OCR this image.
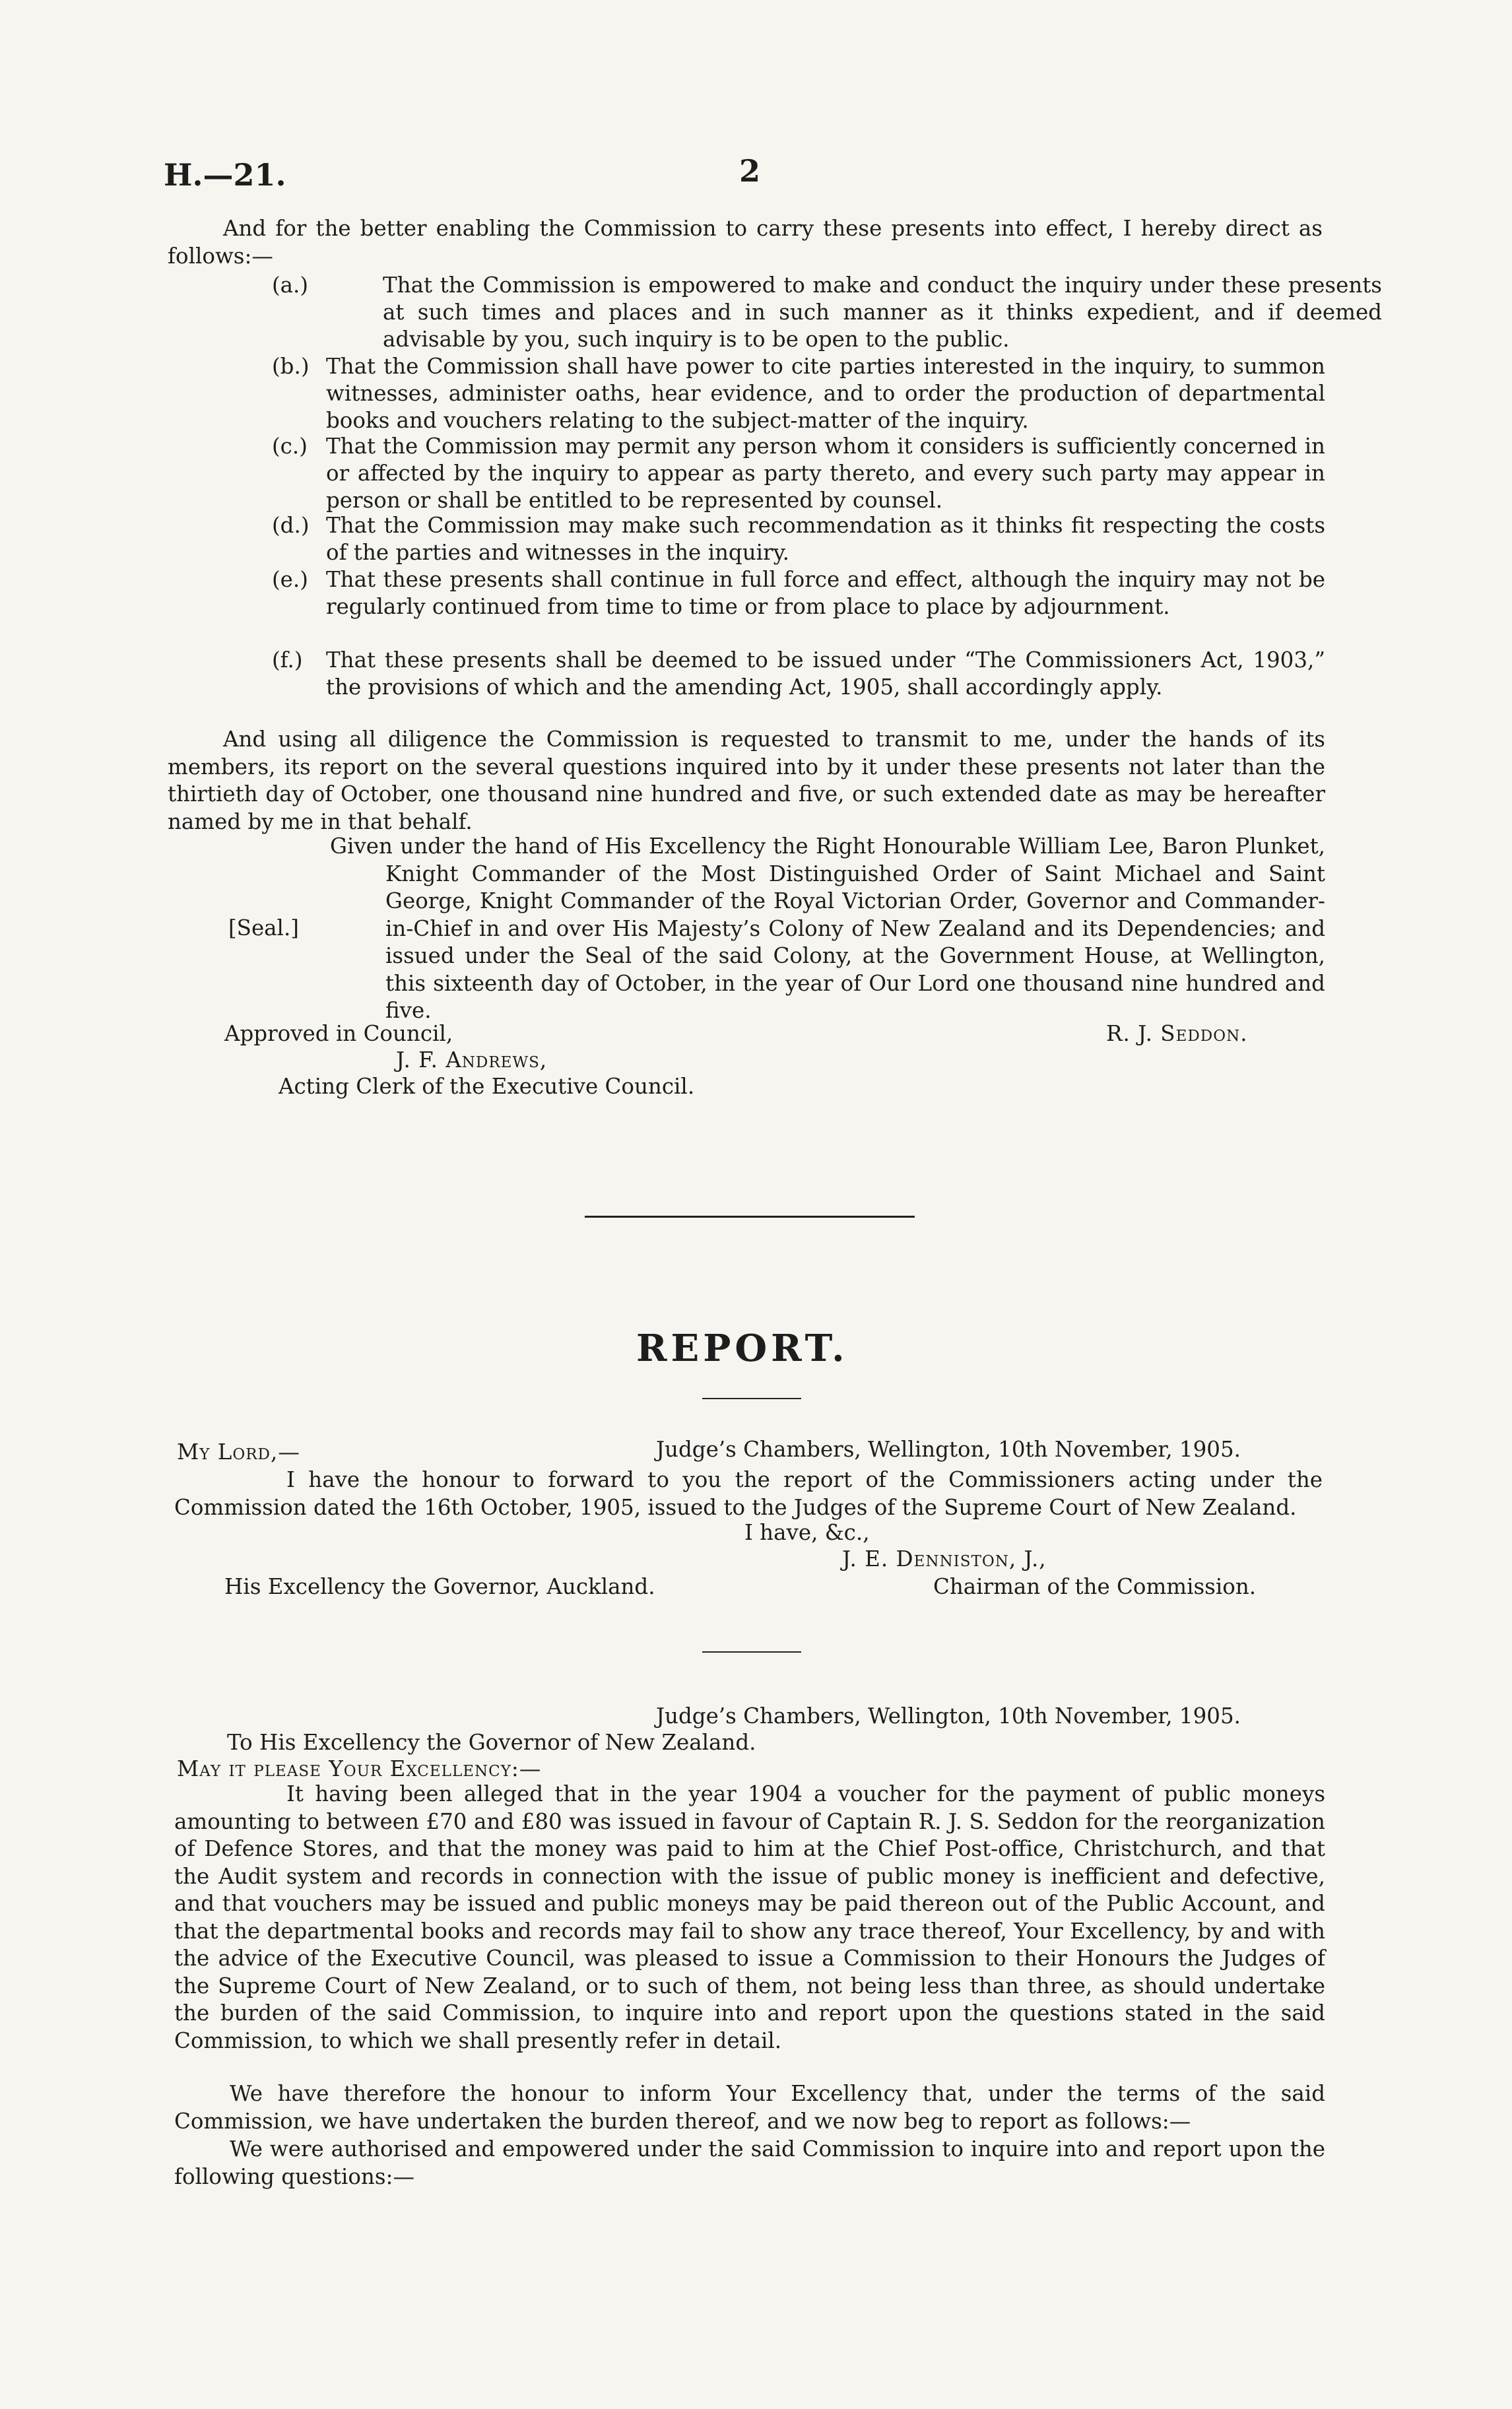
H.—21.	2
And for the better enabling the Commission to carry these presents into effect, I hereby direct as follows:—
(a.)	That the Commission is empowered to make and conduct the inquiry under these presents at such times and places and in such manner as it thinks expedient, and if deemed advisable by you, such inquiry is to be open to the public.
(b.) That the Commission shall have power to cite parties interested in the inquiry, to summon witnesses, administer oaths, hear evidence, and to order the production of departmental books and vouchers relating to the subject-matter of the inquiry.
(c.) That the Commission may permit any person whom it considers is sufficiently concerned in or affected by the inquiry to appear as party thereto, and every such party may appear in person or shall be entitled to be represented by counsel.
(d.) That the Commission may make such recommendation as it thinks fit respecting the costs of the parties and witnesses in the inquiry.
(e.) That these presents shall continue in full force and effect, although the inquiry may not be regularly continued from time to time or from place to place by adjournment.
(f.) That these presents shall be deemed to be issued under “The Commissioners Act, 1903,” the provisions of which and the amending Act, 1905, shall accordingly apply.
And using all diligence the Commission is requested to transmit to me, under the hands of its members, its report on the several questions inquired into by it under these presents not later than the thirtieth day of October, one thousand nine hundred and five, or such extended date as may be hereafter named by me in that behalf.
Given under the hand of His Excellency the Right Honourable William Lee, Baron Plunket, Knight Commander of the Most Distinguished Order of Saint Michael and Saint George, Knight Commander of the Royal Victorian Order, Governor and Commander-in-Chief in and over His Majesty’s Colony of New Zealand and its Dependencies; and issued under the Seal of the said Colony, at the Government House, at Wellington, this sixteenth day of October, in the year of Our Lord one thousand nine hundred and five.
[Seal.]
Approved in Council,	R. J. Seddon.
J. F. Andrews,
Acting Clerk of the Executive Council.
REPORT.
My Lord,—	Judge’s Chambers, Wellington, 10th November, 1905.
I have the honour to forward to you the report of the Commissioners acting under the Commission dated the 16th October, 1905, issued to the Judges of the Supreme Court of New Zealand.
I have, &c.,
J. E. Denniston, J.,
His Excellency the Governor, Auckland.	Chairman of the Commission.
Judge’s Chambers, Wellington, 10th November, 1905.
To His Excellency the Governor of New Zealand.
May it please Your Excellency:—
It having been alleged that in the year 1904 a voucher for the payment of public moneys amounting to between £70 and £80 was issued in favour of Captain R. J. S. Seddon for the reorganization of Defence Stores, and that the money was paid to him at the Chief Post-office, Christchurch, and that the Audit system and records in connection with the issue of public money is inefficient and defective, and that vouchers may be issued and public moneys may be paid thereon out of the Public Account, and that the departmental books and records may fail to show any trace thereof, Your Excellency, by and with the advice of the Executive Council, was pleased to issue a Commission to their Honours the Judges of the Supreme Court of New Zealand, or to such of them, not being less than three, as should undertake the burden of the said Commission, to inquire into and report upon the questions stated in the said Commission, to which we shall presently refer in detail.
We have therefore the honour to inform Your Excellency that, under the terms of the said Commission, we have undertaken the burden thereof, and we now beg to report as follows:—
We were authorised and empowered under the said Commission to inquire into and report upon the following questions:—
